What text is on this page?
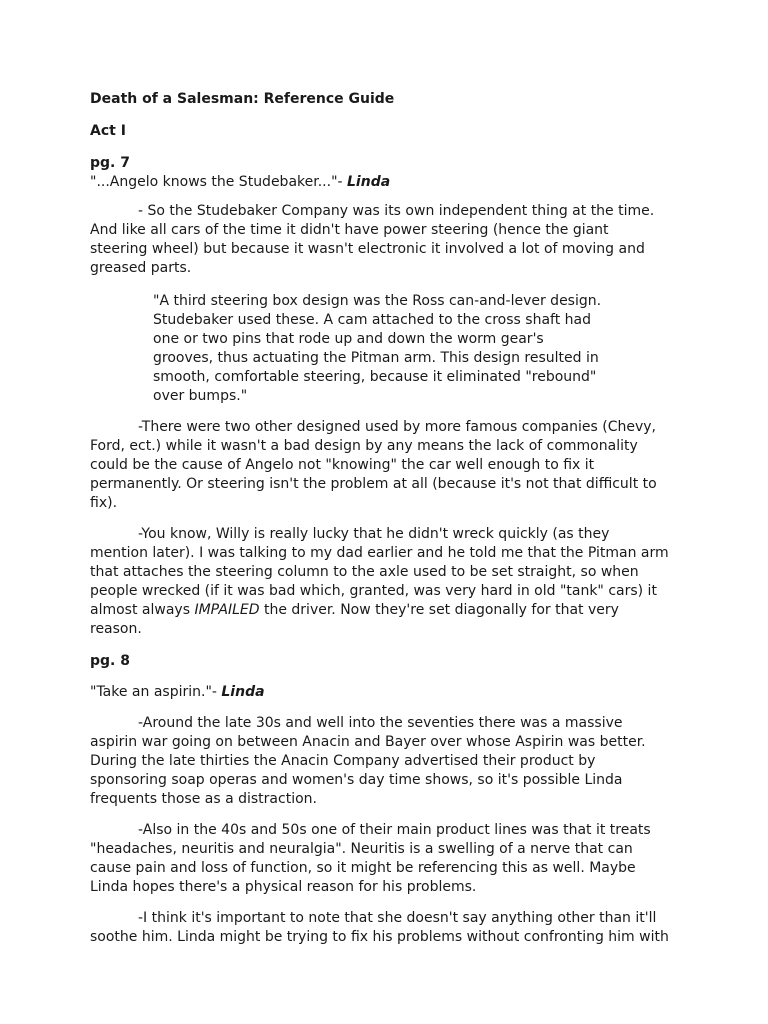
Death of a Salesman: Reference Guide

Act I

pg. 7

"...Angelo knows the Studebaker..."- Linda

- So the Studebaker Company was its own independent thing at the time. And like all cars of the time it didn't have power steering (hence the giant steering wheel) but because it wasn't electronic it involved a lot of moving and greased parts.

"A third steering box design was the Ross can-and-lever design. Studebaker used these. A cam attached to the cross shaft had one or two pins that rode up and down the worm gear's grooves, thus actuating the Pitman arm. This design resulted in smooth, comfortable steering, because it eliminated "rebound" over bumps."

-There were two other designed used by more famous companies (Chevy, Ford, ect.) while it wasn't a bad design by any means the lack of commonality could be the cause of Angelo not "knowing" the car well enough to fix it permanently. Or steering isn't the problem at all (because it's not that difficult to fix).

-You know, Willy is really lucky that he didn't wreck quickly (as they mention later). I was talking to my dad earlier and he told me that the Pitman arm that attaches the steering column to the axle used to be set straight, so when people wrecked (if it was bad which, granted, was very hard in old "tank" cars) it almost always IMPAILED the driver. Now they're set diagonally for that very reason.

pg. 8

"Take an aspirin."- Linda

-Around the late 30s and well into the seventies there was a massive aspirin war going on between Anacin and Bayer over whose Aspirin was better. During the late thirties the Anacin Company advertised their product by sponsoring soap operas and women's day time shows, so it's possible Linda frequents those as a distraction.

-Also in the 40s and 50s one of their main product lines was that it treats "headaches, neuritis and neuralgia". Neuritis is a swelling of a nerve that can cause pain and loss of function, so it might be referencing this as well. Maybe Linda hopes there's a physical reason for his problems.

-I think it's important to note that she doesn't say anything other than it'll soothe him. Linda might be trying to fix his problems without confronting him with
